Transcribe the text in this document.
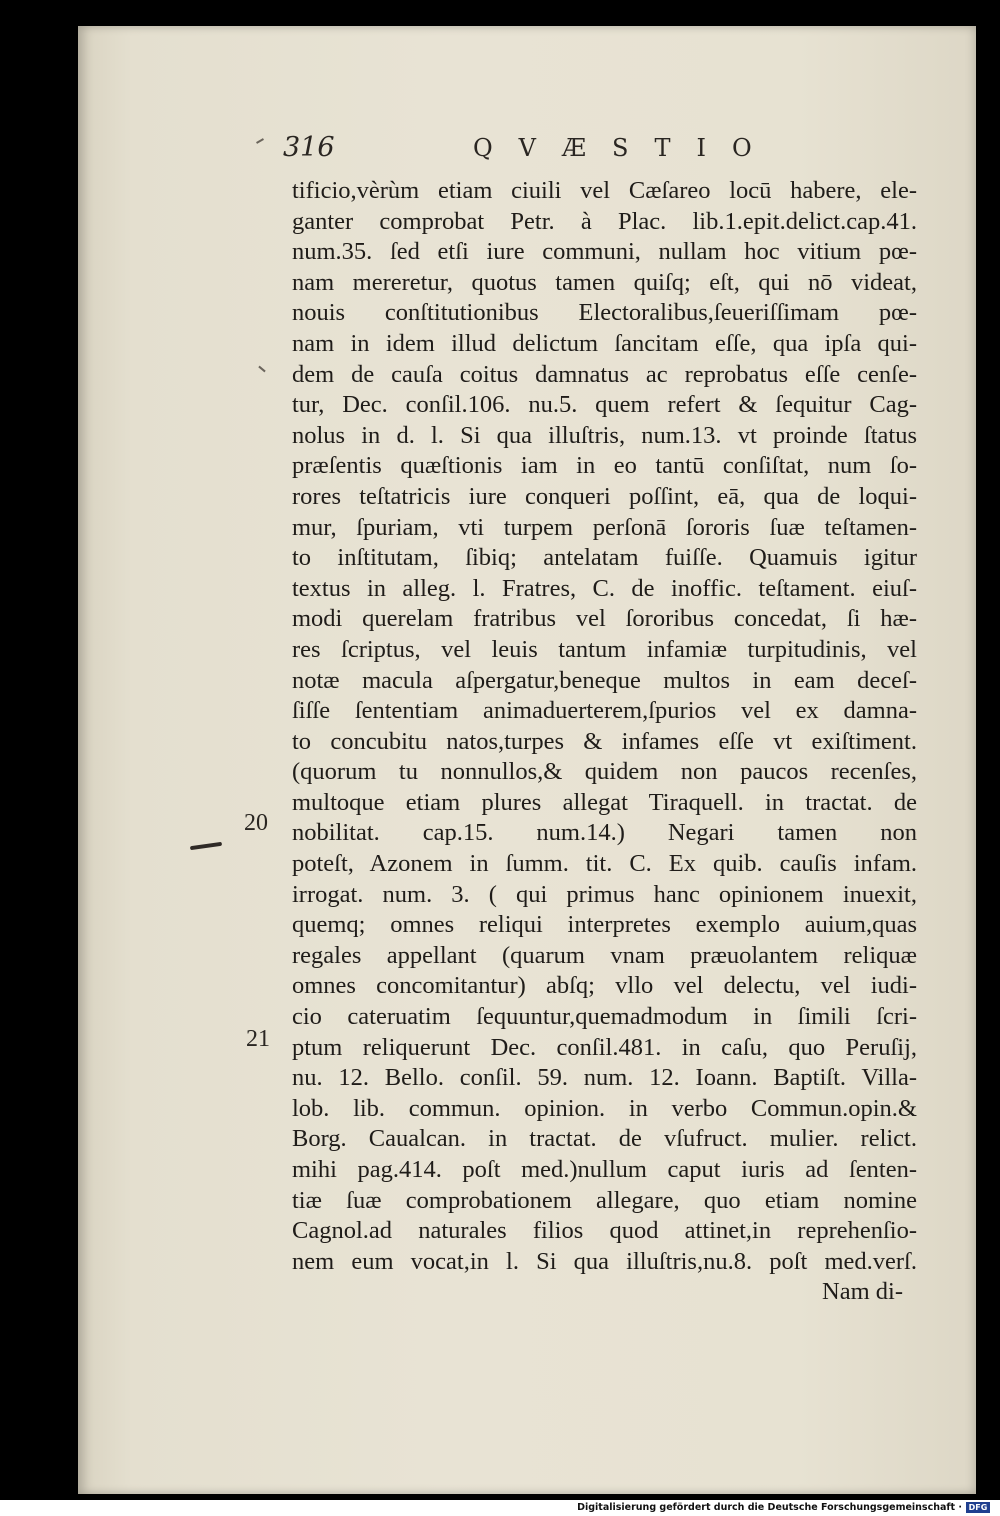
316	QVÆSTIO
20
21
tificio,vèrùm etiam ciuili vel Cæſareo locū habere, ele-
ganter comprobat Petr. à Plac. lib.1.epit.delict.cap.41.
num.35. ſed etſi iure communi, nullam hoc vitium pœ-
nam mereretur, quotus tamen quiſq; eſt, qui nō videat,
nouis conſtitutionibus Electoralibus,ſeueriſſimam pœ-
nam in idem illud delictum ſancitam eſſe, qua ipſa qui-
dem de cauſa coitus damnatus ac reprobatus eſſe cenſe-
tur, Dec. conſil.106. nu.5. quem refert & ſequitur Cag-
nolus in d. l. Si qua illuſtris, num.13. vt proinde ſtatus
præſentis quæſtionis iam in eo tantū conſiſtat, num ſo-
rores teſtatricis iure conqueri poſſint, eā, qua de loqui-
mur, ſpuriam, vti turpem perſonā ſororis ſuæ teſtamen-
to inſtitutam, ſibiq; antelatam fuiſſe. Quamuis igitur
textus in alleg. l. Fratres, C. de inoffic. teſtament. eiuſ-
modi querelam fratribus vel ſororibus concedat, ſi hæ-
res ſcriptus, vel leuis tantum infamiæ turpitudinis, vel
notæ macula aſpergatur,beneque multos in eam deceſ-
ſiſſe ſententiam animaduerterem,ſpurios vel ex damna-
to concubitu natos,turpes & infames eſſe vt exiſtiment.
(quorum tu nonnullos,& quidem non paucos recenſes,
multoque etiam plures allegat Tiraquell. in tractat. de
nobilitat. cap.15. num.14.) Negari tamen non
poteſt, Azonem in ſumm. tit. C. Ex quib. cauſis infam.
irrogat. num. 3. ( qui primus hanc opinionem inuexit,
quemq; omnes reliqui interpretes exemplo auium,quas
regales appellant (quarum vnam præuolantem reliquæ
omnes concomitantur) abſq; vllo vel delectu, vel iudi-
cio cateruatim ſequuntur,quemadmodum in ſimili ſcri-
ptum reliquerunt Dec. conſil.481. in caſu, quo Peruſij,
nu. 12. Bello. conſil. 59. num. 12. Ioann. Baptiſt. Villa-
lob. lib. commun. opinion. in verbo Commun.opin.&
Borg. Caualcan. in tractat. de vſufruct. mulier. relict.
mihi pag.414. poſt med.)nullum caput iuris ad ſenten-
tiæ ſuæ comprobationem allegare, quo etiam nomine
Cagnol.ad naturales filios quod attinet,in reprehenſio-
nem eum vocat,in l. Si qua illuſtris,nu.8. poſt med.verſ.
Nam di-
Digitalisierung gefördert durch die Deutsche Forschungsgemeinschaft · DFG
